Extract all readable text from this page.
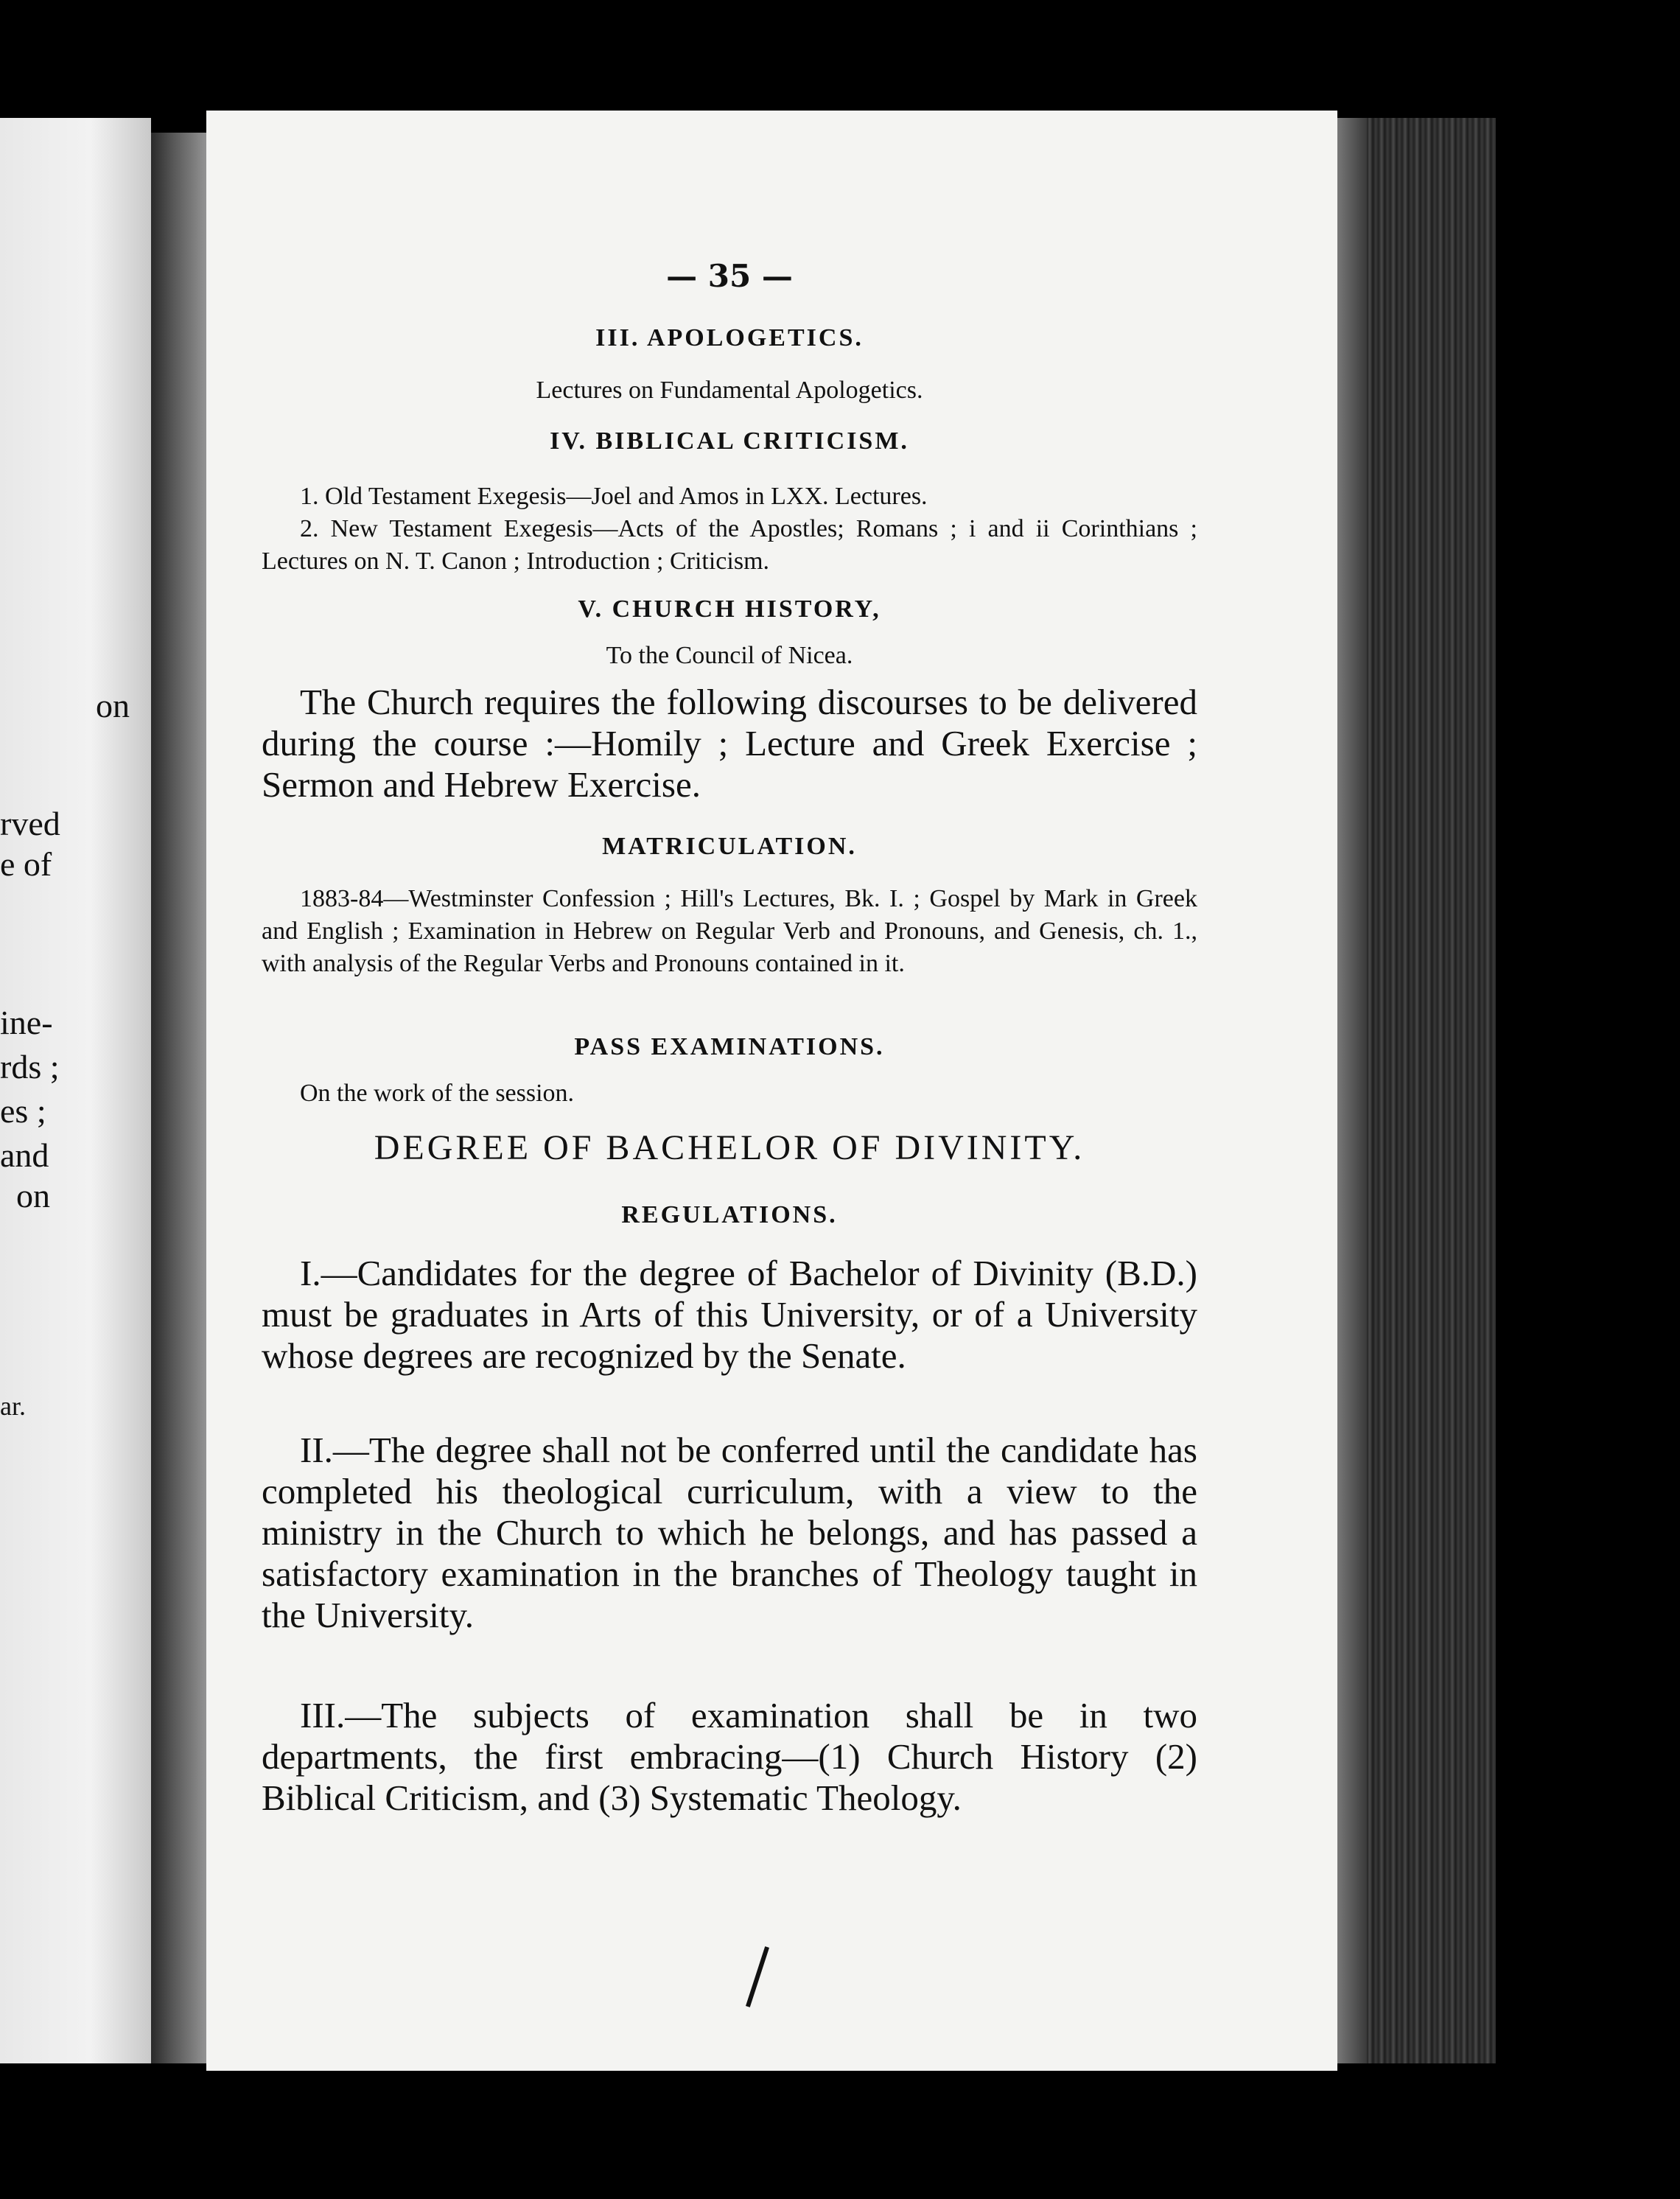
on
rved
e of
ine-
rds ;
es ;
and
on
ar.
— 35 —
III. APOLOGETICS.
Lectures on Fundamental Apologetics.
IV. BIBLICAL CRITICISM.
1. Old Testament Exegesis—Joel and Amos in LXX. Lectures.
2. New Testament Exegesis—Acts of the Apostles; Romans ; i and ii Corinthians ; Lectures on N. T. Canon ; Introduction ; Criticism.
V. CHURCH HISTORY,
To the Council of Nicea.
The Church requires the following discourses to be delivered during the course :—Homily ; Lecture and Greek Exercise ; Sermon and Hebrew Exercise.
MATRICULATION.
1883-84—Westminster Confession ; Hill's Lectures, Bk. I. ; Gospel by Mark in Greek and English ; Examination in Hebrew on Regular Verb and Pronouns, and Genesis, ch. 1., with analysis of the Regular Verbs and Pronouns contained in it.
PASS EXAMINATIONS.
On the work of the session.
DEGREE OF BACHELOR OF DIVINITY.
REGULATIONS.
I.—Candidates for the degree of Bachelor of Divinity (B.D.) must be graduates in Arts of this University, or of a University whose degrees are recognized by the Senate.
II.—The degree shall not be conferred until the candidate has completed his theological curriculum, with a view to the ministry in the Church to which he belongs, and has passed a satisfactory examination in the branches of Theology taught in the University.
III.—The subjects of examination shall be in two departments, the first embracing—(1) Church History (2) Biblical Criticism, and (3) Systematic Theology.
